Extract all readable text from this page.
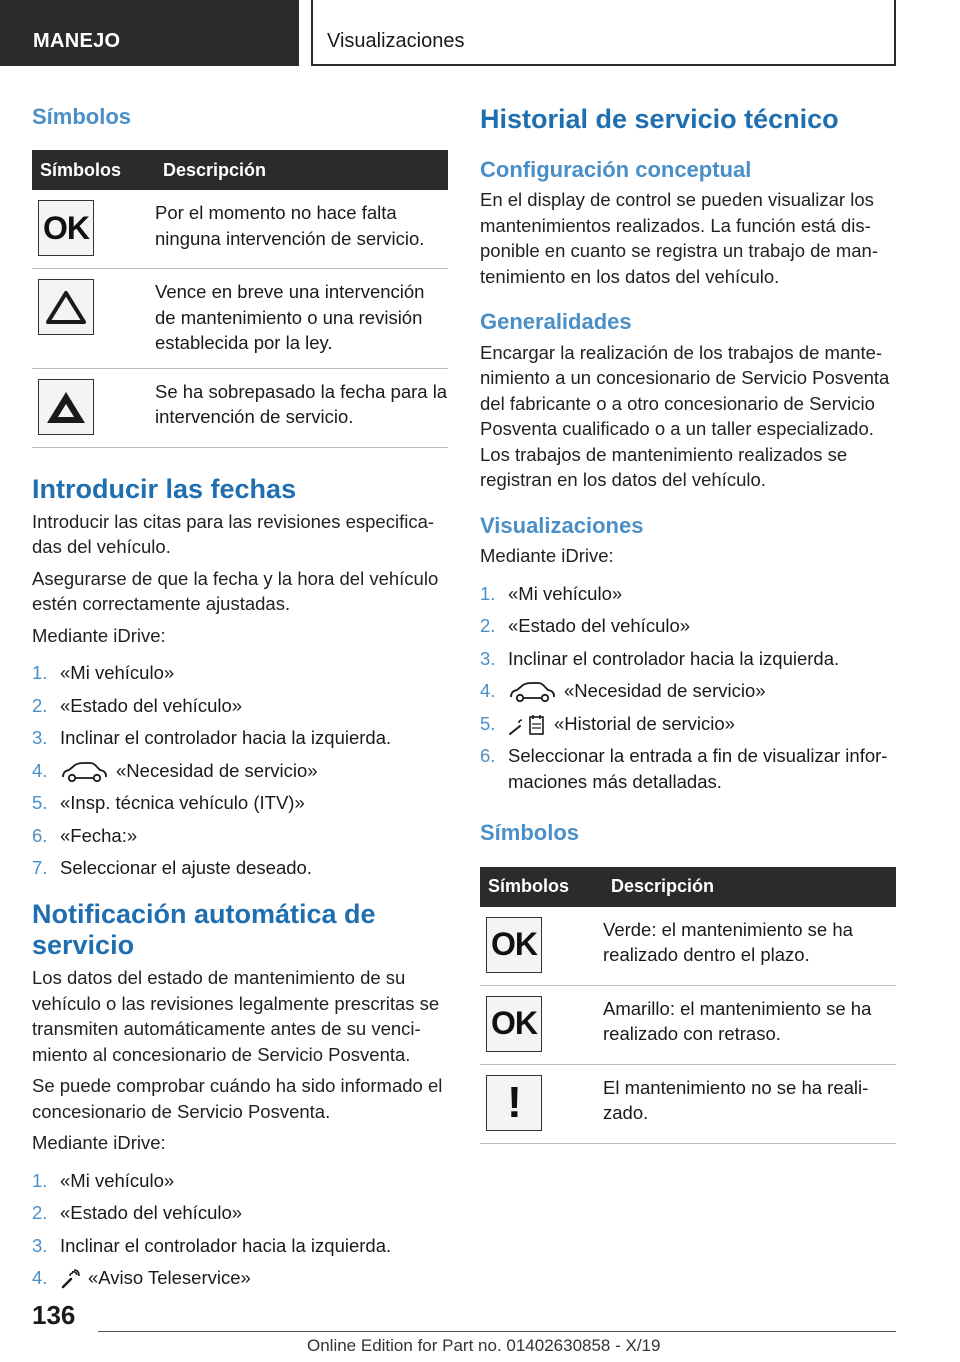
MANEJO	Visualizaciones
Símbolos
Símbolos	Descripción

OK	Por el momento no hace falta ninguna intervención de servicio.

	Vence en breve una intervención de mantenimiento o una revisión establecida por la ley.

	Se ha sobrepasado la fecha para la intervención de servicio.
Introducir las fechas

Introducir las citas para las revisiones especificadas del vehículo.

Asegurarse de que la fecha y la hora del vehículo estén correctamente ajustadas.

Mediante iDrive:

1. «Mi vehículo»
2. «Estado del vehículo»
3. Inclinar el controlador hacia la izquierda.
4.	«Necesidad de servicio»
5. «Insp. técnica vehículo (ITV)»
6. «Fecha:»
7. Seleccionar el ajuste deseado.
Notificación automática de servicio

Los datos del estado de mantenimiento de su vehículo o las revisiones legalmente prescritas se transmiten automáticamente antes de su vencimiento al concesionario de Servicio Posventa.

Se puede comprobar cuándo ha sido informado el concesionario de Servicio Posventa.

Mediante iDrive:

1. «Mi vehículo»
2. «Estado del vehículo»
3. Inclinar el controlador hacia la izquierda.
4. «Aviso Teleservice»
Historial de servicio técnico
Configuración conceptual

En el display de control se pueden visualizar los mantenimientos realizados. La función está disponible en cuanto se registra un trabajo de mantenimiento en los datos del vehículo.

Generalidades

Encargar la realización de los trabajos de mantenimiento a un concesionario de Servicio Posventa del fabricante o a otro concesionario de Servicio Posventa cualificado o a un taller especializado. Los trabajos de mantenimiento realizados se registran en los datos del vehículo.

Visualizaciones

Mediante iDrive:

1. «Mi vehículo»
2. «Estado del vehículo»
3. Inclinar el controlador hacia la izquierda.
4.	«Necesidad de servicio»
5.	«Historial de servicio»
6. Seleccionar la entrada a fin de visualizar informaciones más detalladas.
Símbolos
Símbolos	Descripción

OK	Verde: el mantenimiento se ha realizado dentro el plazo.

OK	Amarillo: el mantenimiento se ha realizado con retraso.

!	El mantenimiento no se ha realizado.
136
Online Edition for Part no. 01402630858 - X/19
